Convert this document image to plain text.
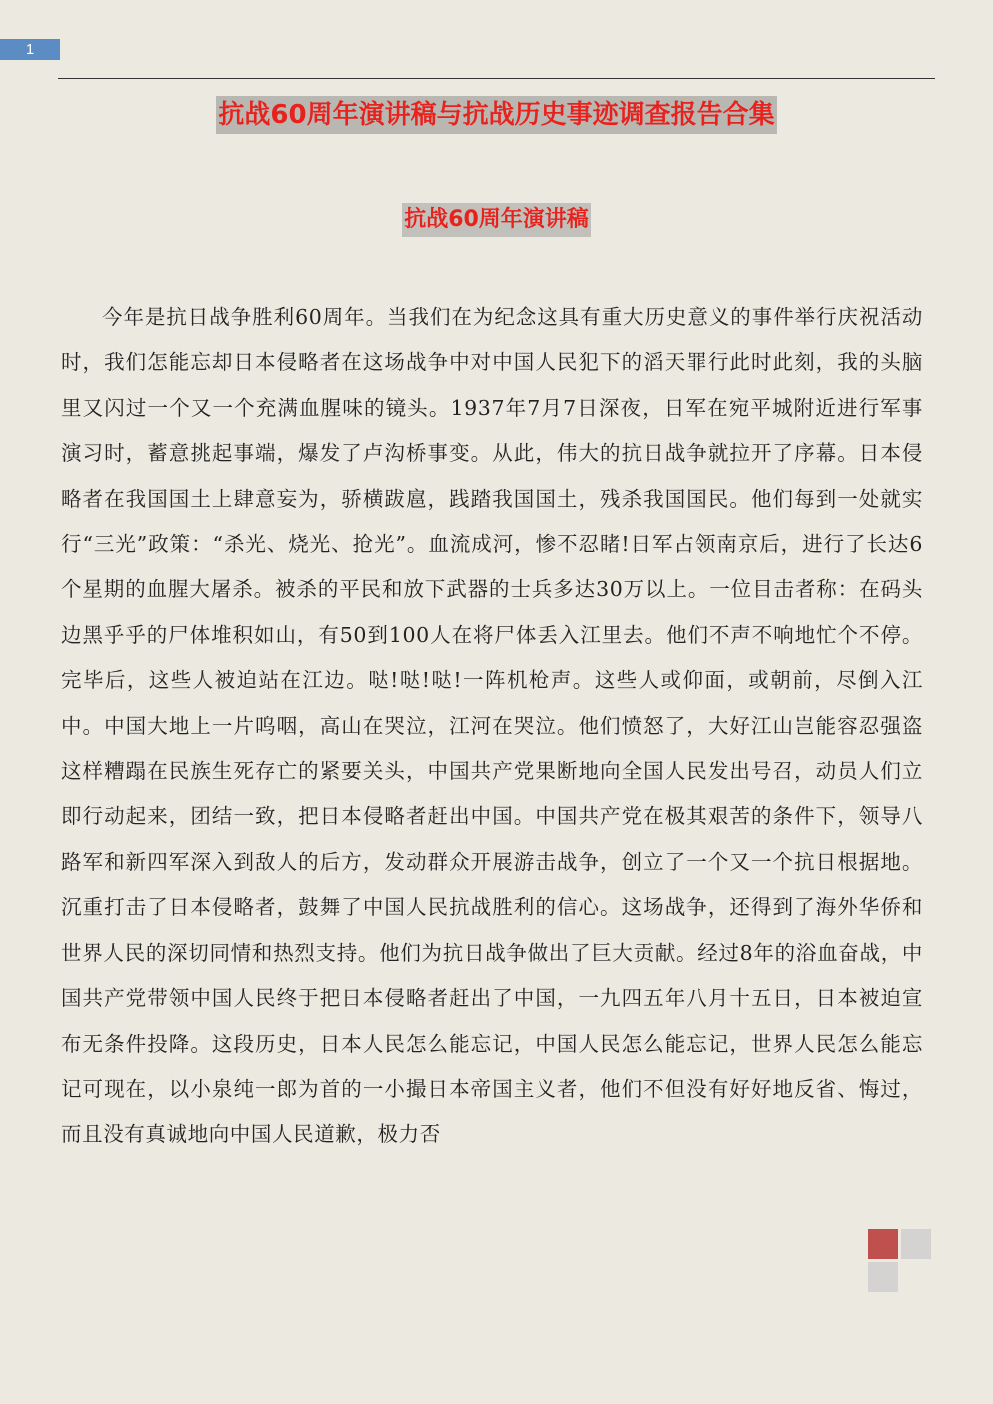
1
抗战60周年演讲稿与抗战历史事迹调查报告合集
抗战60周年演讲稿

今年是抗日战争胜利60周年。当我们在为纪念这具有重大历史意义的事件举行庆祝活动时，我们怎能忘却日本侵略者在这场战争中对中国人民犯下的滔天罪行此时此刻，我的头脑里又闪过一个又一个充满血腥味的镜头。1937年7月7日深夜，日军在宛平城附近进行军事演习时，蓄意挑起事端，爆发了卢沟桥事变。从此，伟大的抗日战争就拉开了序幕。日本侵略者在我国国土上肆意妄为，骄横跋扈，践踏我国国土，残杀我国国民。他们每到一处就实行“三光”政策：“杀光、烧光、抢光”。血流成河，惨不忍睹!日军占领南京后，进行了长达6个星期的血腥大屠杀。被杀的平民和放下武器的士兵多达30万以上。一位目击者称：在码头边黑乎乎的尸体堆积如山，有50到100人在将尸体丢入江里去。他们不声不响地忙个不停。完毕后，这些人被迫站在江边。哒!哒!哒!一阵机枪声。这些人或仰面，或朝前，尽倒入江中。中国大地上一片呜咽，高山在哭泣，江河在哭泣。他们愤怒了，大好江山岂能容忍强盗这样糟蹋在民族生死存亡的紧要关头，中国共产党果断地向全国人民发出号召，动员人们立即行动起来，团结一致，把日本侵略者赶出中国。中国共产党在极其艰苦的条件下，领导八路军和新四军深入到敌人的后方，发动群众开展游击战争，创立了一个又一个抗日根据地。沉重打击了日本侵略者，鼓舞了中国人民抗战胜利的信心。这场战争，还得到了海外华侨和世界人民的深切同情和热烈支持。他们为抗日战争做出了巨大贡献。经过8年的浴血奋战，中国共产党带领中国人民终于把日本侵略者赶出了中国，一九四五年八月十五日，日本被迫宣布无条件投降。这段历史，日本人民怎么能忘记，中国人民怎么能忘记，世界人民怎么能忘记可现在，以小泉纯一郎为首的一小撮日本帝国主义者，他们不但没有好好地反省、悔过，而且没有真诚地向中国人民道歉，极力否
